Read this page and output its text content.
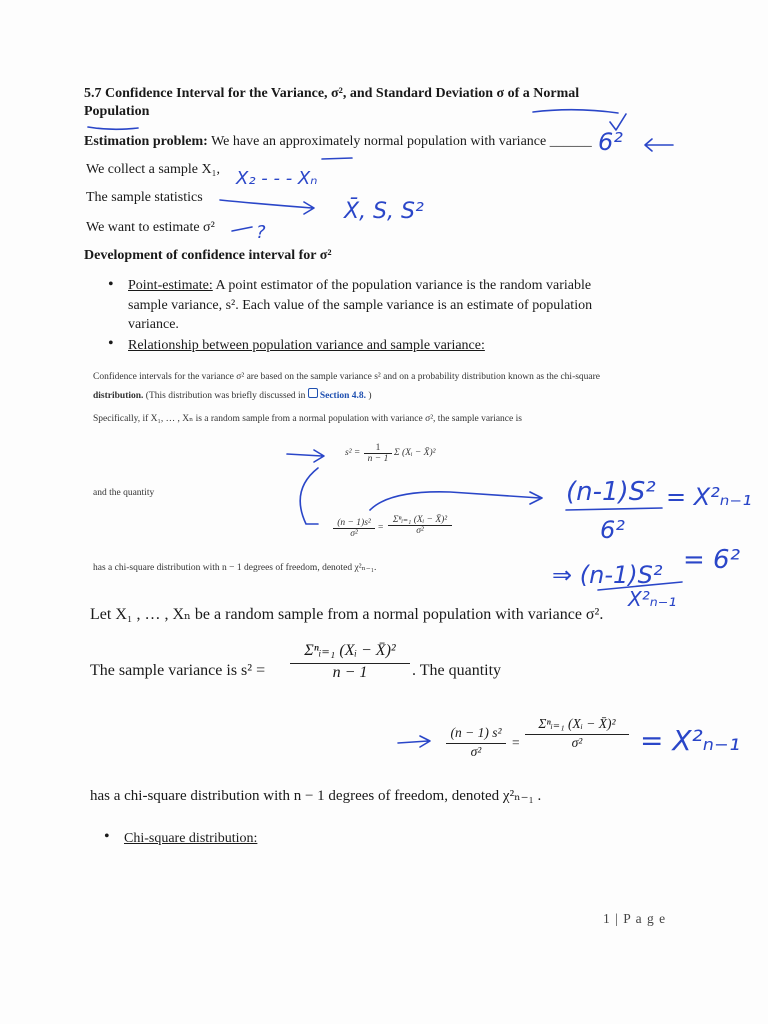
5.7 Confidence Interval for the Variance, σ², and Standard Deviation σ of a Normal
Population
Estimation problem: We have an approximately normal population with variance ______
We collect a sample X₁,
The sample statistics
We want to estimate σ²
Development of confidence interval for σ²
• Point-estimate: A point estimator of the population variance is the random variable
sample variance, s². Each value of the sample variance is an estimate of population
variance.
• Relationship between population variance and sample variance:
Confidence intervals for the variance σ² are based on the sample variance s² and on a probability distribution known as the chi-square
distribution. (This distribution was briefly discussed in Section 4.8. )
Specifically, if X₁, … , Xₙ is a random sample from a normal population with variance σ², the sample variance is
s² = 1
n − 1
Σ (Xᵢ − X̄)²
and the quantity
(n − 1)s²
σ²
=
Σⁿᵢ₌₁ (Xᵢ − X̄)²
σ²
has a chi-square distribution with n − 1 degrees of freedom, denoted χ²ₙ₋₁.
Let X₁ , … , Xₙ be a random sample from a normal population with variance σ².
The sample variance is s² =
Σⁿᵢ₌₁ (Xᵢ − X̄)²
n − 1	. The quantity
(n − 1) s²
σ²
=
Σⁿᵢ₌₁ (Xᵢ − X̄)²
σ²
has a chi-square distribution with n − 1 degrees of freedom, denoted χ²ₙ₋₁ .
• Chi-square distribution:
1 | P a g e
6²
X₂ - - - Xₙ
X̄, S, S²
?
(n-1)S²
6²
= X²ₙ₋₁
⇒ (n-1)S²
X²ₙ₋₁
= 6²
= X²ₙ₋₁
